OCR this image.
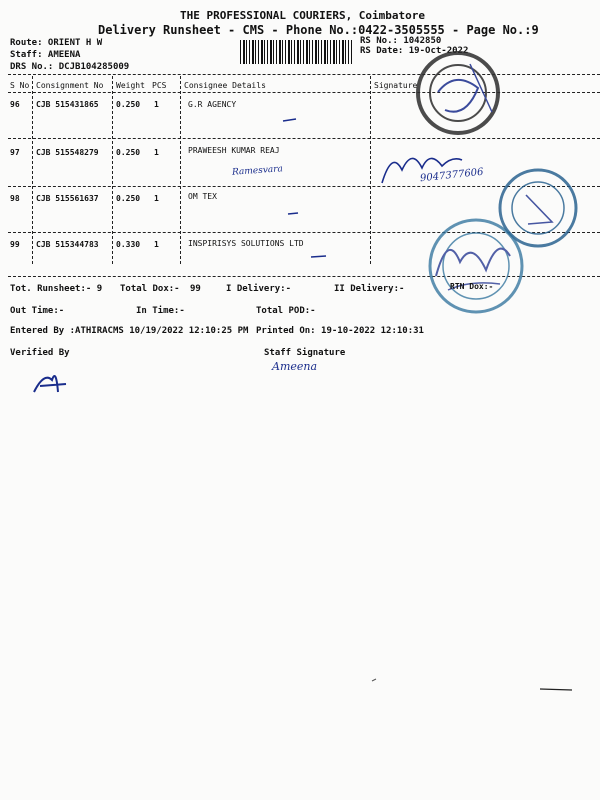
THE PROFESSIONAL COURIERS, Coimbatore
Delivery Runsheet - CMS - Phone No.:0422-3505555 - Page No.:9
Route: ORIENT H W
Staff: AMEENA
DRS No.: DCJB104285009
RS No.: 1042850
RS Date: 19-Oct-2022
S No Consignment No Weight PCS Consignee Details	Signature
96 CJB 515431865 0.250 1	G.R AGENCY
97 CJB 515548279 0.250 1	PRAWEESH KUMAR REAJ
Ramesvara
98 CJB 515561637 0.250 1	OM TEX
99 CJB 515344783 0.330 1	INSPIRISYS SOLUTIONS LTD
9047377606
RTN Dox:-
Tot. Runsheet:- 9 Total Dox:- 99	I Delivery:-	II Delivery:-
Out Time:-	In Time:-	Total POD:-
Entered By :ATHIRACMS 10/19/2022 12:10:25 PM Printed On: 19-10-2022 12:10:31
Verified By	Staff Signature
Ameena
